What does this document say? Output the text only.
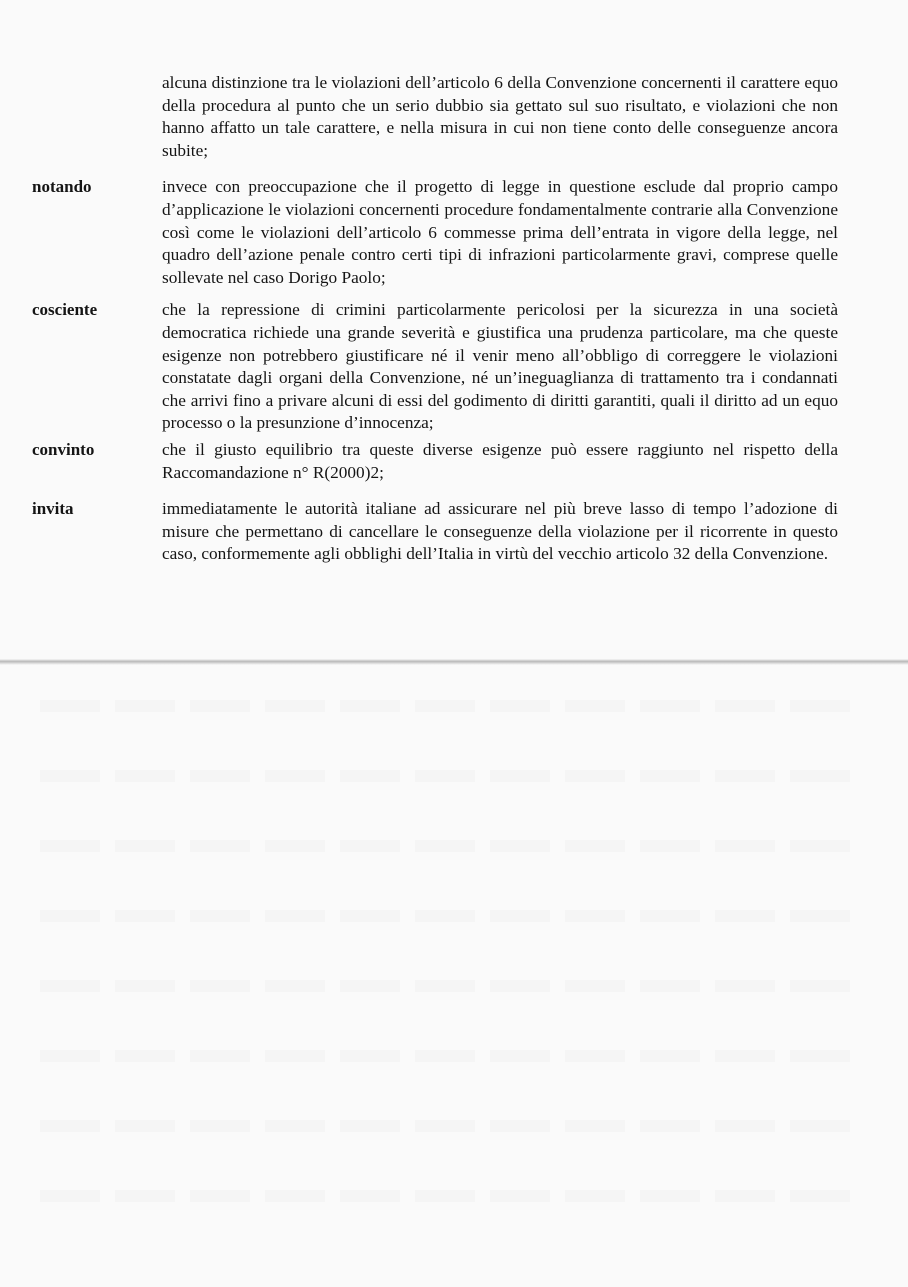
alcuna distinzione tra le violazioni dell’articolo 6 della Convenzione concernenti il carattere equo della procedura al punto che un serio dubbio sia gettato sul suo risultato, e violazioni che non hanno affatto un tale carattere, e nella misura in cui non tiene conto delle conseguenze ancora subite;

notando	invece con preoccupazione che il progetto di legge in questione esclude dal proprio campo d’applicazione le violazioni concernenti procedure fondamentalmente contrarie alla Convenzione così come le violazioni dell’articolo 6 commesse prima dell’entrata in vigore della legge, nel quadro dell’azione penale contro certi tipi di infrazioni particolarmente gravi, comprese quelle sollevate nel caso Dorigo Paolo;

cosciente	che la repressione di crimini particolarmente pericolosi per la sicurezza in una società democratica richiede una grande severità e giustifica una prudenza particolare, ma che queste esigenze non potrebbero giustificare né il venir meno all’obbligo di correggere le violazioni constatate dagli organi della Convenzione, né un’ineguaglianza di trattamento tra i condannati che arrivi fino a privare alcuni di essi del godimento di diritti garantiti, quali il diritto ad un equo processo o la presunzione d’innocenza;

convinto	che il giusto equilibrio tra queste diverse esigenze può essere raggiunto nel rispetto della Raccomandazione n° R(2000)2;

invita	immediatamente le autorità italiane ad assicurare nel più breve lasso di tempo l’adozione di misure che permettano di cancellare le conseguenze della violazione per il ricorrente in questo caso, conformemente agli obblighi dell’Italia in virtù del vecchio articolo 32 della Convenzione.
